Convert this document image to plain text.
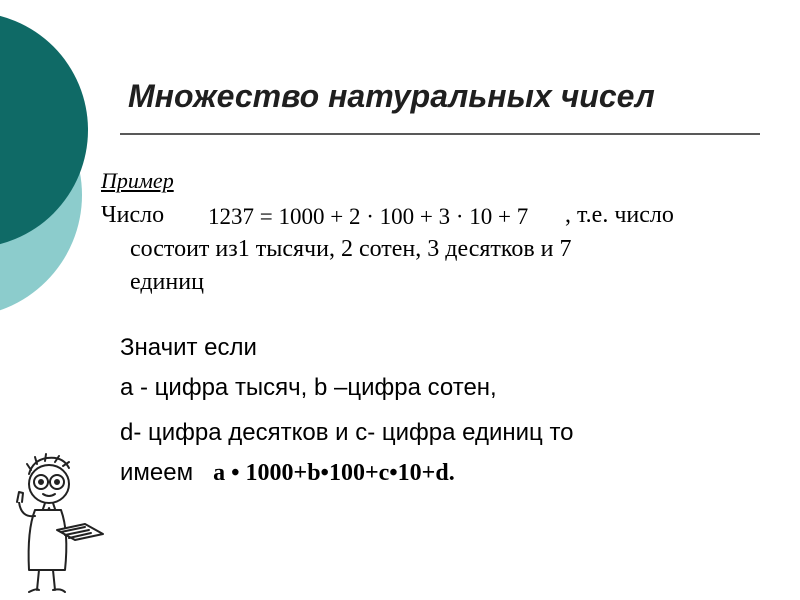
Множество натуральных чисел
Пример
Число 1237 = 1000 + 2 · 100 + 3 · 10 + 7 , т.е. число
состоит из1 тысячи, 2 сотен, 3 десятков и 7
единиц
Значит если
а - цифра тысяч, b –цифра сотен,
d- цифра десятков и с- цифра единиц то
имеем a • 1000+b•100+c•10+d.
